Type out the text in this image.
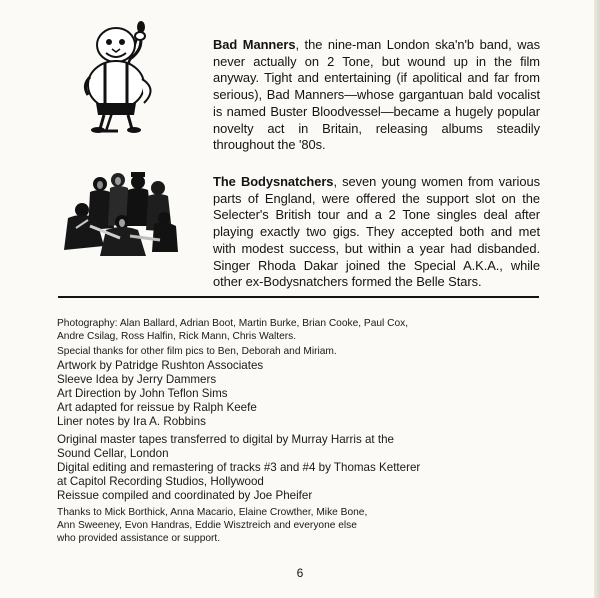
Bad Manners, the nine-man London ska'n'b band, was never actually on 2 Tone, but wound up in the film anyway. Tight and entertaining (if apolitical and far from serious), Bad Manners—whose gargantuan bald vocalist is named Buster Bloodvessel—became a hugely popular novelty act in Britain, releasing albums steadily throughout the '80s.
The Bodysnatchers, seven young women from various parts of England, were offered the support slot on the Selecter's British tour and a 2 Tone singles deal after playing exactly two gigs. They accepted both and met with modest success, but within a year had disbanded. Singer Rhoda Dakar joined the Special A.K.A., while other ex-Bodysnatchers formed the Belle Stars.
Photography: Alan Ballard, Adrian Boot, Martin Burke, Brian Cooke, Paul Cox,
Andre Csilag, Ross Halfin, Rick Mann, Chris Walters.
Special thanks for other film pics to Ben, Deborah and Miriam.
Artwork by Patridge Rushton Associates
Sleeve Idea by Jerry Dammers
Art Direction by John Teflon Sims
Art adapted for reissue by Ralph Keefe
Liner notes by Ira A. Robbins
Original master tapes transferred to digital by Murray Harris at the
Sound Cellar, London
Digital editing and remastering of tracks #3 and #4 by Thomas Ketterer
at Capitol Recording Studios, Hollywood
Reissue compiled and coordinated by Joe Pheifer
Thanks to Mick Borthick, Anna Macario, Elaine Crowther, Mike Bone,
Ann Sweeney, Evon Handras, Eddie Wisztreich and everyone else
who provided assistance or support.
6
